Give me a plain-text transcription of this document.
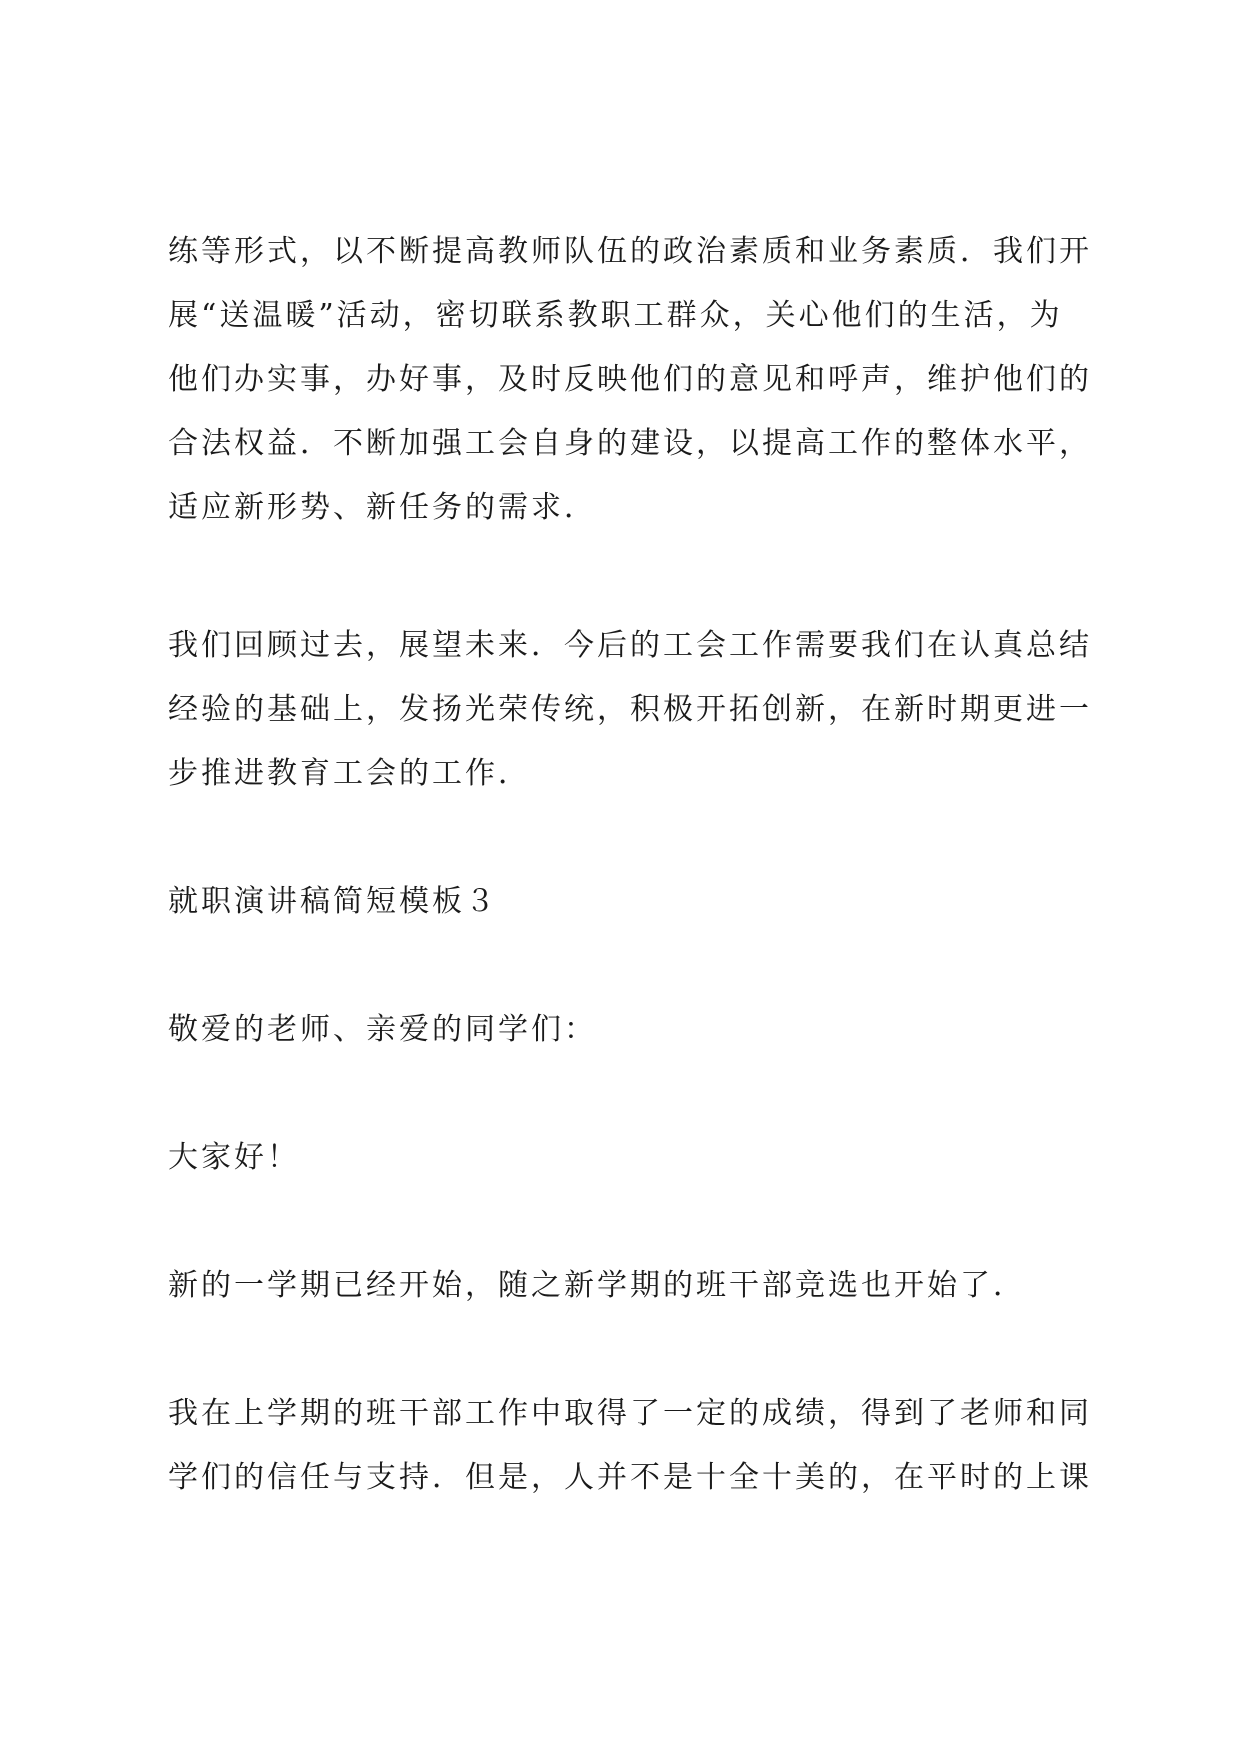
练等形式，以不断提高教师队伍的政治素质和业务素质．我们开
展“送温暖”活动，密切联系教职工群众，关心他们的生活，为
他们办实事，办好事，及时反映他们的意见和呼声，维护他们的
合法权益．不断加强工会自身的建设，以提高工作的整体水平，
适应新形势、新任务的需求．

我们回顾过去，展望未来．今后的工会工作需要我们在认真总结
经验的基础上，发扬光荣传统，积极开拓创新，在新时期更进一
步推进教育工会的工作．

就职演讲稿简短模板３

敬爱的老师、亲爱的同学们：

大家好！

新的一学期已经开始，随之新学期的班干部竞选也开始了．

我在上学期的班干部工作中取得了一定的成绩，得到了老师和同
学们的信任与支持．但是，人并不是十全十美的，在平时的上课
